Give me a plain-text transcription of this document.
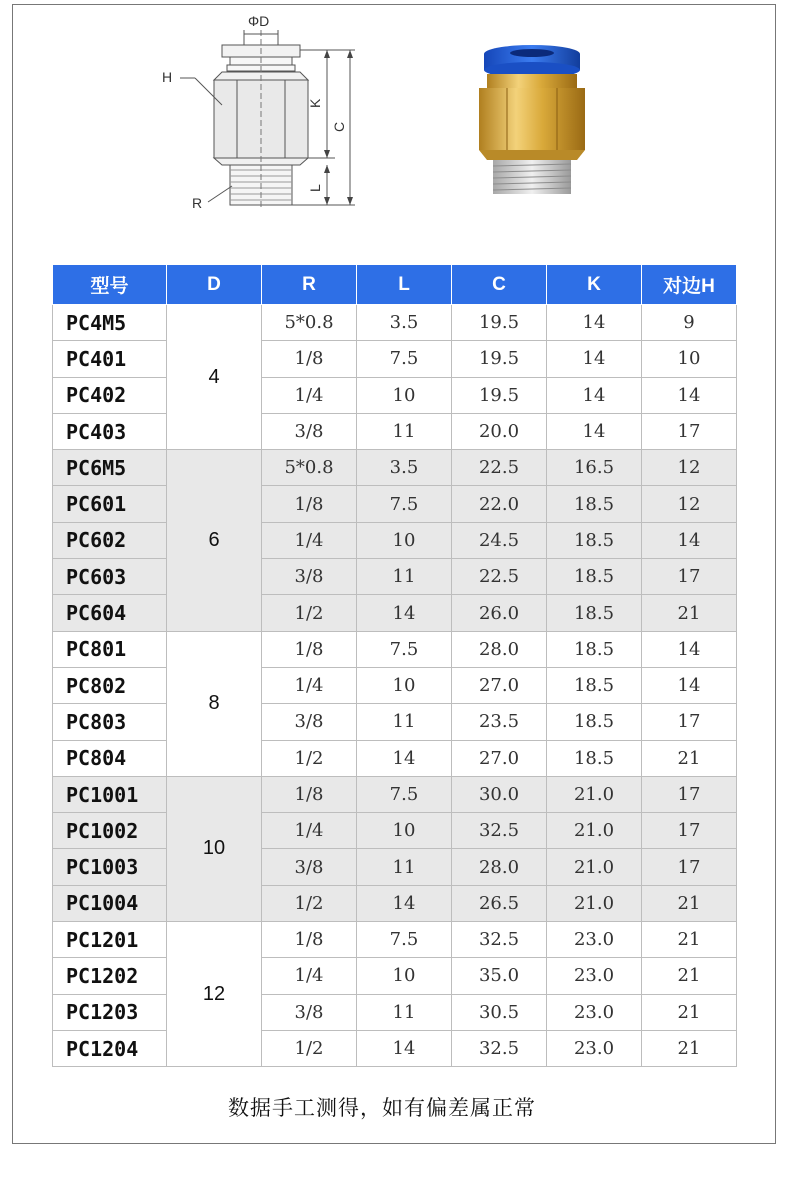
ΦD
H
K
C
L
R
型号	D	R	L	C	K	对边H
PC4M5	4	5*0.8	3.5	19.5	14	9
PC401		1/8	7.5	19.5	14	10
PC402		1/4	10	19.5	14	14
PC403		3/8	11	20.0	14	17
PC6M5	6	5*0.8	3.5	22.5	16.5	12
PC601		1/8	7.5	22.0	18.5	12
PC602		1/4	10	24.5	18.5	14
PC603		3/8	11	22.5	18.5	17
PC604		1/2	14	26.0	18.5	21
PC801	8	1/8	7.5	28.0	18.5	14
PC802		1/4	10	27.0	18.5	14
PC803		3/8	11	23.5	18.5	17
PC804		1/2	14	27.0	18.5	21
PC1001	10	1/8	7.5	30.0	21.0	17
PC1002		1/4	10	32.5	21.0	17
PC1003		3/8	11	28.0	21.0	17
PC1004		1/2	14	26.5	21.0	21
PC1201	12	1/8	7.5	32.5	23.0	21
PC1202		1/4	10	35.0	23.0	21
PC1203		3/8	11	30.5	23.0	21
PC1204		1/2	14	32.5	23.0	21
数据手工测得，如有偏差属正常
